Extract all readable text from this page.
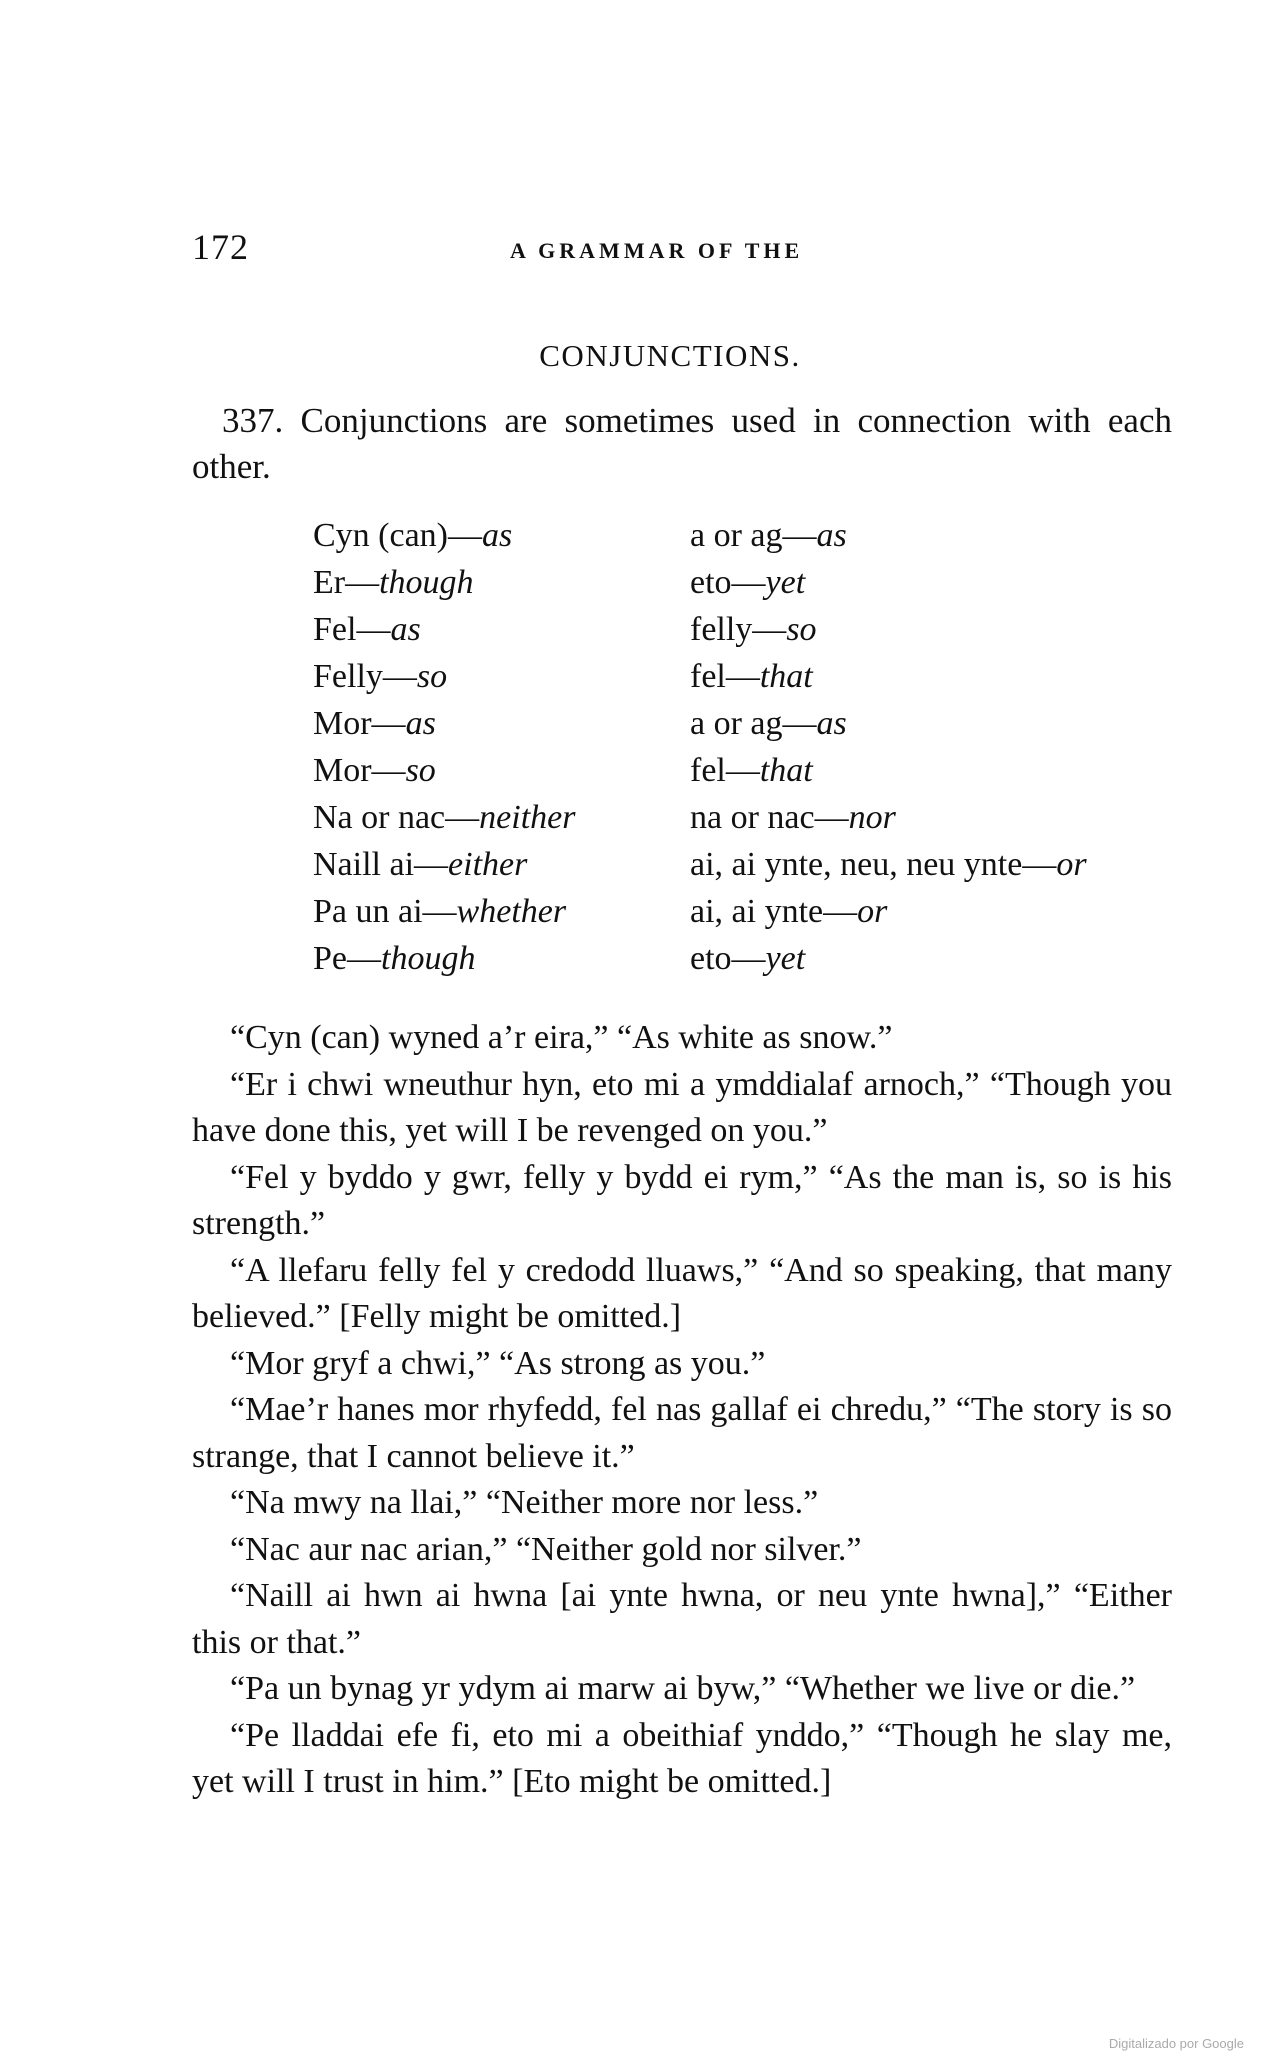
172	A GRAMMAR OF THE
CONJUNCTIONS.

337. Conjunctions are sometimes used in connection with each other.

Cyn (can)—as	a or ag—as
Er—though	eto—yet
Fel—as	felly—so
Felly—so	fel—that
Mor—as	a or ag—as
Mor—so	fel—that
Na or nac—neither	na or nac—nor
Naill ai—either	ai, ai ynte, neu, neu ynte—or
Pa un ai—whether	ai, ai ynte—or
Pe—though	eto—yet

“Cyn (can) wyned a’r eira,” “As white as snow.”

“Er i chwi wneuthur hyn, eto mi a ymddialaf arnoch,” “Though you have done this, yet will I be revenged on you.”

“Fel y byddo y gwr, felly y bydd ei rym,” “As the man is, so is his strength.”

“A llefaru felly fel y credodd lluaws,” “And so speaking, that many believed.” [Felly might be omitted.]

“Mor gryf a chwi,” “As strong as you.”

“Mae’r hanes mor rhyfedd, fel nas gallaf ei chredu,” “The story is so strange, that I cannot believe it.”

“Na mwy na llai,” “Neither more nor less.”

“Nac aur nac arian,” “Neither gold nor silver.”

“Naill ai hwn ai hwna [ai ynte hwna, or neu ynte hwna],” “Either this or that.”

“Pa un bynag yr ydym ai marw ai byw,” “Whether we live or die.”

“Pe lladdai efe fi, eto mi a obeithiaf ynddo,” “Though he slay me, yet will I trust in him.” [Eto might be omitted.]

Digitalizado por Google
